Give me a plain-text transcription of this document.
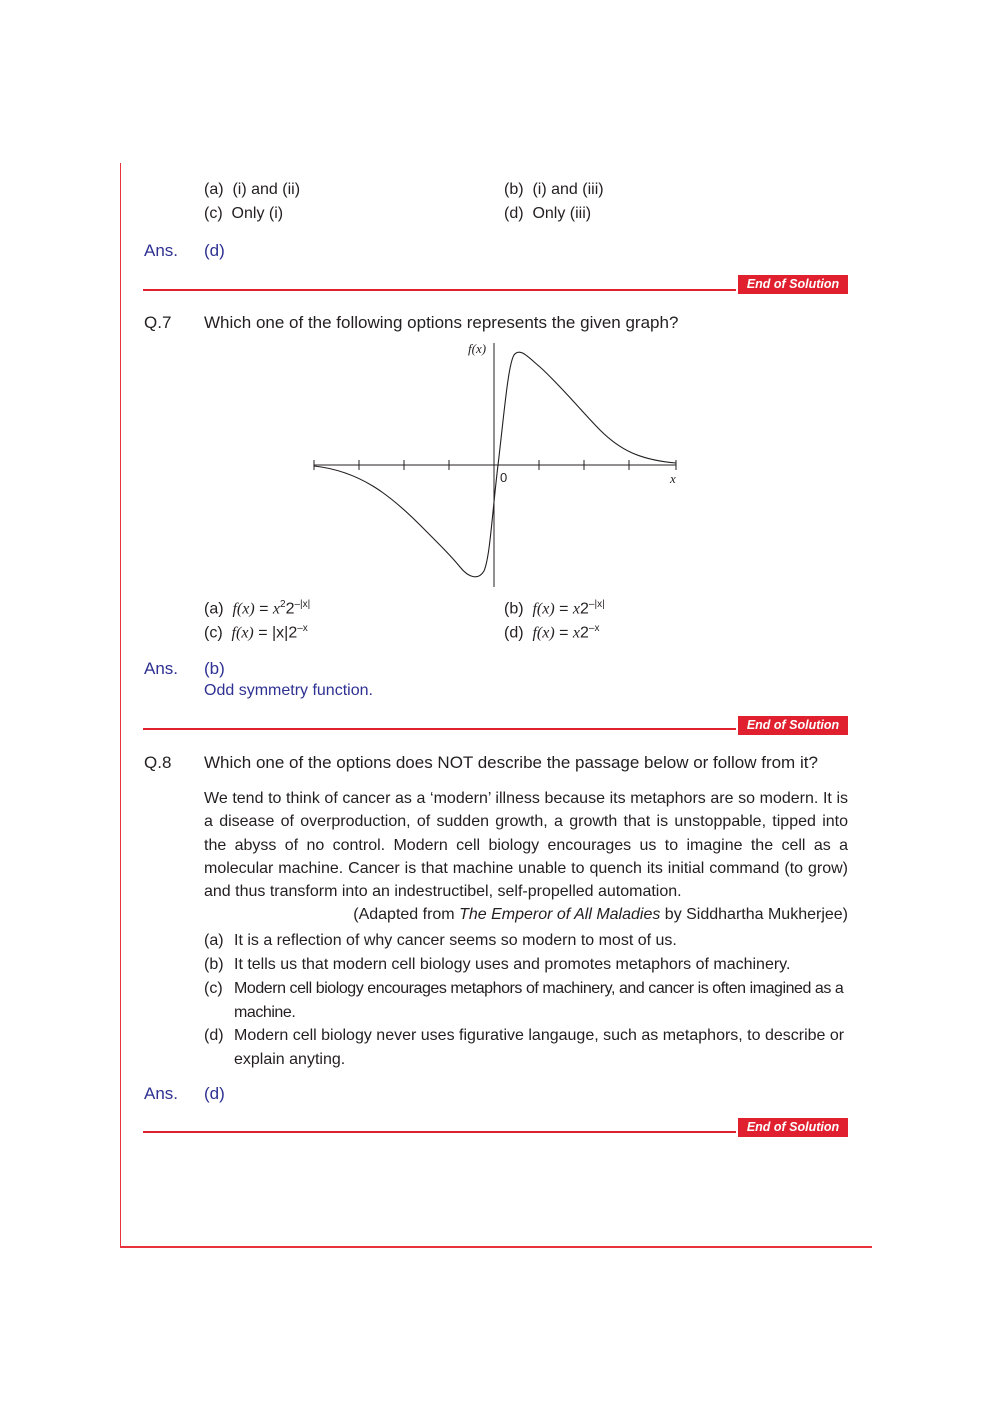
(a) (i) and (ii)	(b) (i) and (iii)
(c) Only (i)	(d) Only (iii)
Ans. (d)
End of Solution
Q.7 Which one of the following options represents the given graph?
f(x)
0	x
(a) $f(x) = x^22^{-|x|}$	(b) $f(x) = x2^{-|x|}$
(c) $f(x) = |x|2^{-x}$	(d) $f(x) = x2^{-x}$
Ans. (b)
Odd symmetry function.
End of Solution
Q.8 Which one of the options does NOT describe the passage below or follow from it?

We tend to think of cancer as a ‘modern’ illness because its metaphors are so modern. It is a disease of overproduction, of sudden growth, a growth that is unstoppable, tipped into the abyss of no control. Modern cell biology encourages us to imagine the cell as a molecular machine. Cancer is that machine unable to quench its initial command (to grow) and thus transform into an indestructibel, self-propelled automation.

(Adapted from The Emperor of All Maladies by Siddhartha Mukherjee)
(a) It is a reflection of why cancer seems so modern to most of us.
(b) It tells us that modern cell biology uses and promotes metaphors of machinery.
(c) Modern cell biology encourages metaphors of machinery, and cancer is often imagined as a machine.
(d) Modern cell biology never uses figurative langauge, such as metaphors, to describe or explain anyting.
Ans. (d)
End of Solution
